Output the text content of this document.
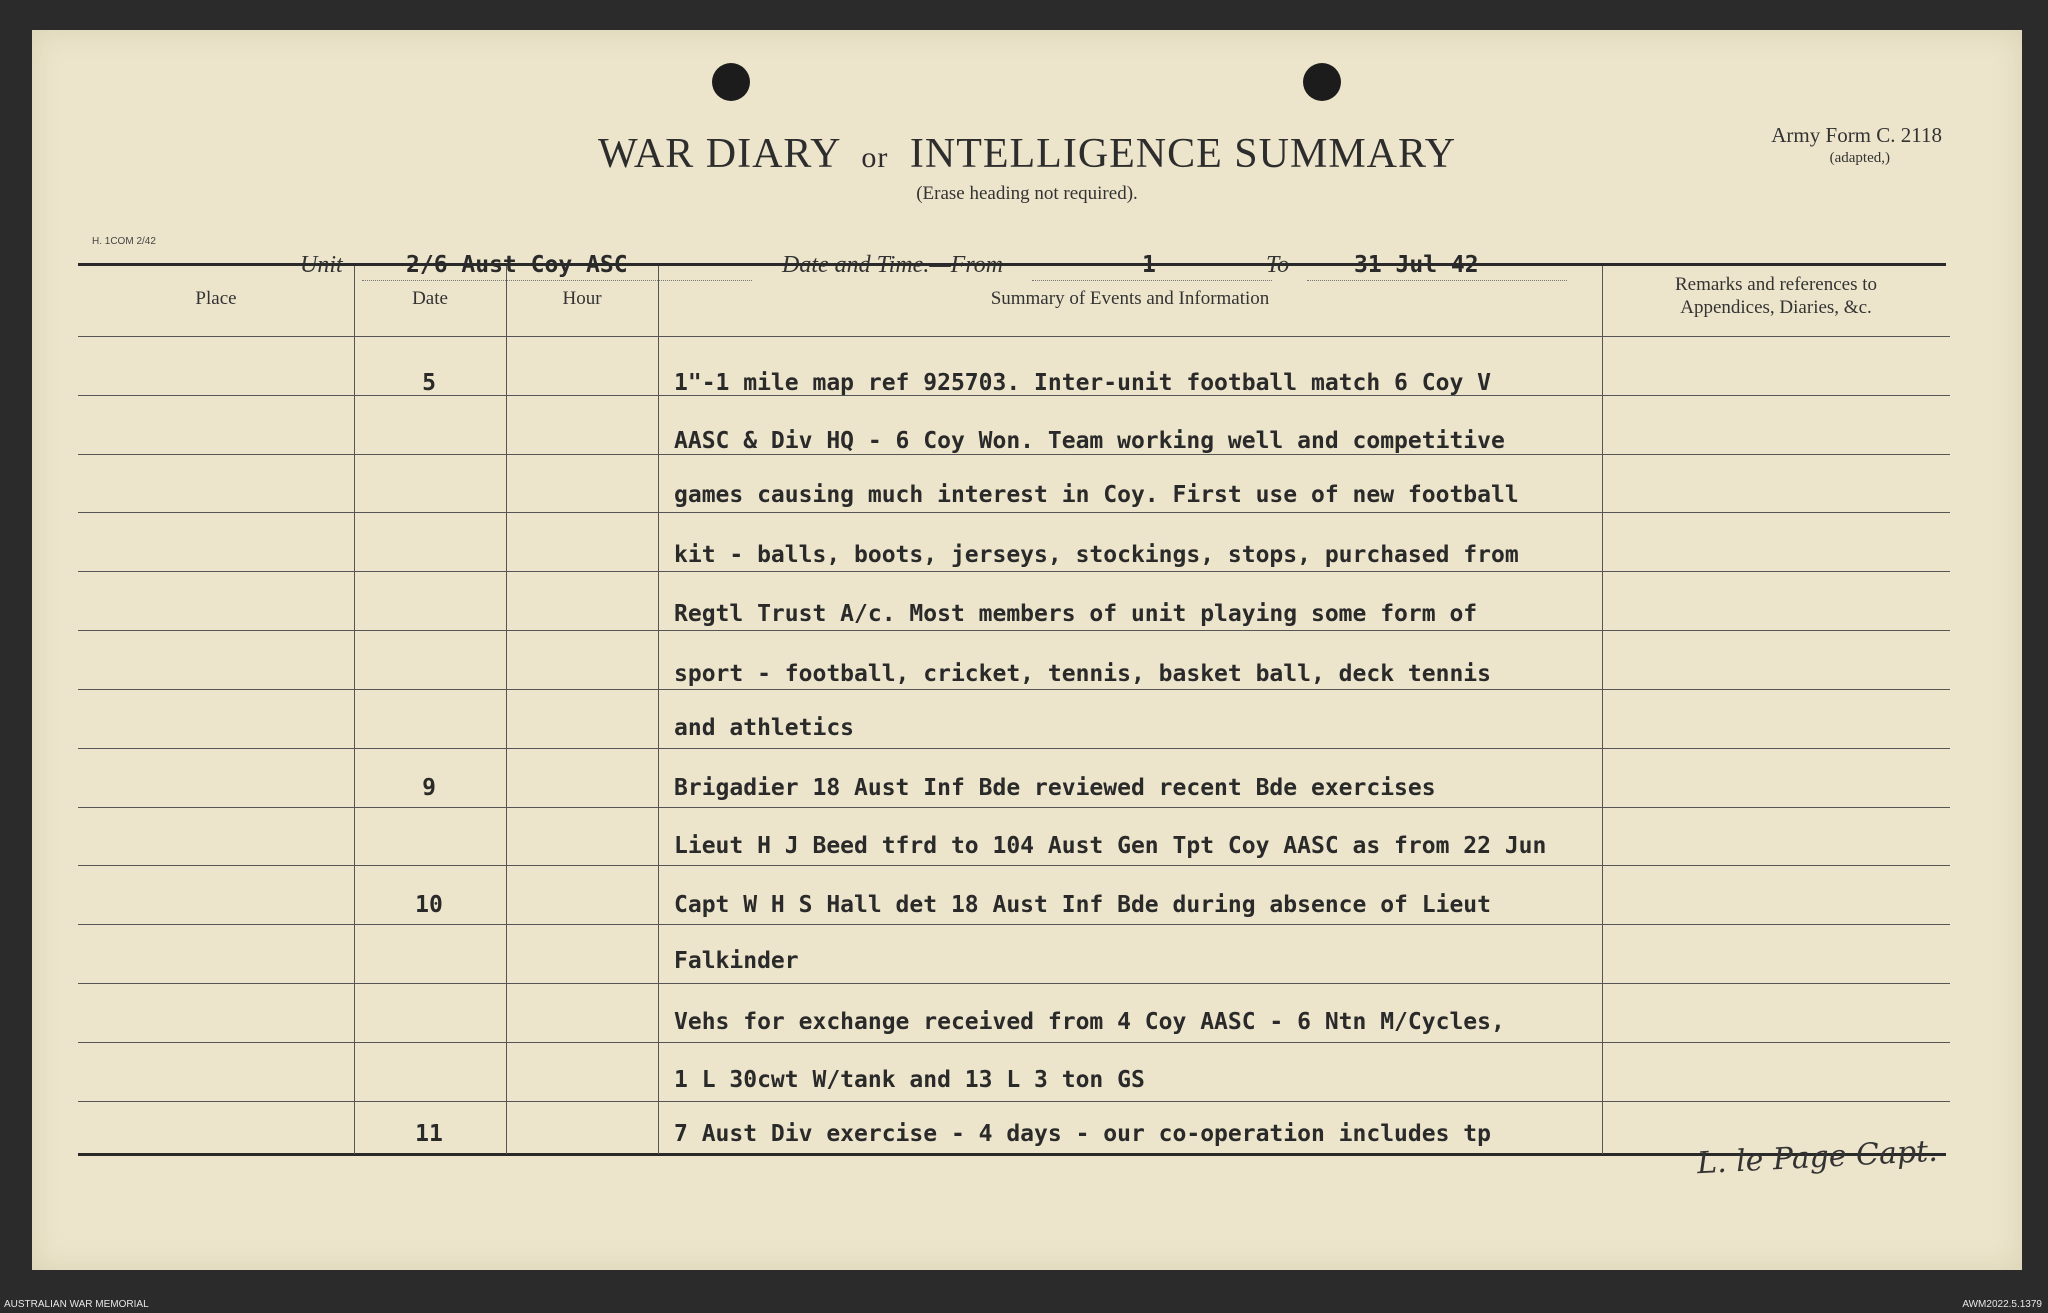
WAR DIARY or INTELLIGENCE SUMMARY
(Erase heading not required).
Army Form C. 2118
(adapted,)
H. 1COM 2/42
Unit	2/6 Aust Coy ASC	Date and Time.—From	1	To	31 Jul 42
Place	Date	Hour	Summary of Events and Information
Remarks and references to
Appendices, Diaries, &c.
5	1"-1 mile map ref 925703. Inter-unit football match 6 Coy V
AASC & Div HQ - 6 Coy Won. Team working well and competitive
games causing much interest in Coy. First use of new football
kit - balls, boots, jerseys, stockings, stops, purchased from
Regtl Trust A/c. Most members of unit playing some form of
sport - football, cricket, tennis, basket ball, deck tennis
and athletics
9	Brigadier 18 Aust Inf Bde reviewed recent Bde exercises
Lieut H J Beed tfrd to 104 Aust Gen Tpt Coy AASC as from 22 Jun
10	Capt W H S Hall det 18 Aust Inf Bde during absence of Lieut
Falkinder
Vehs for exchange received from 4 Coy AASC - 6 Ntn M/Cycles,
1 L 30cwt W/tank and 13 L 3 ton GS
11	7 Aust Div exercise - 4 days - our co-operation includes tp	L. le Page Capt.
AUSTRALIAN WAR MEMORIAL	AWM2022.5.1379
